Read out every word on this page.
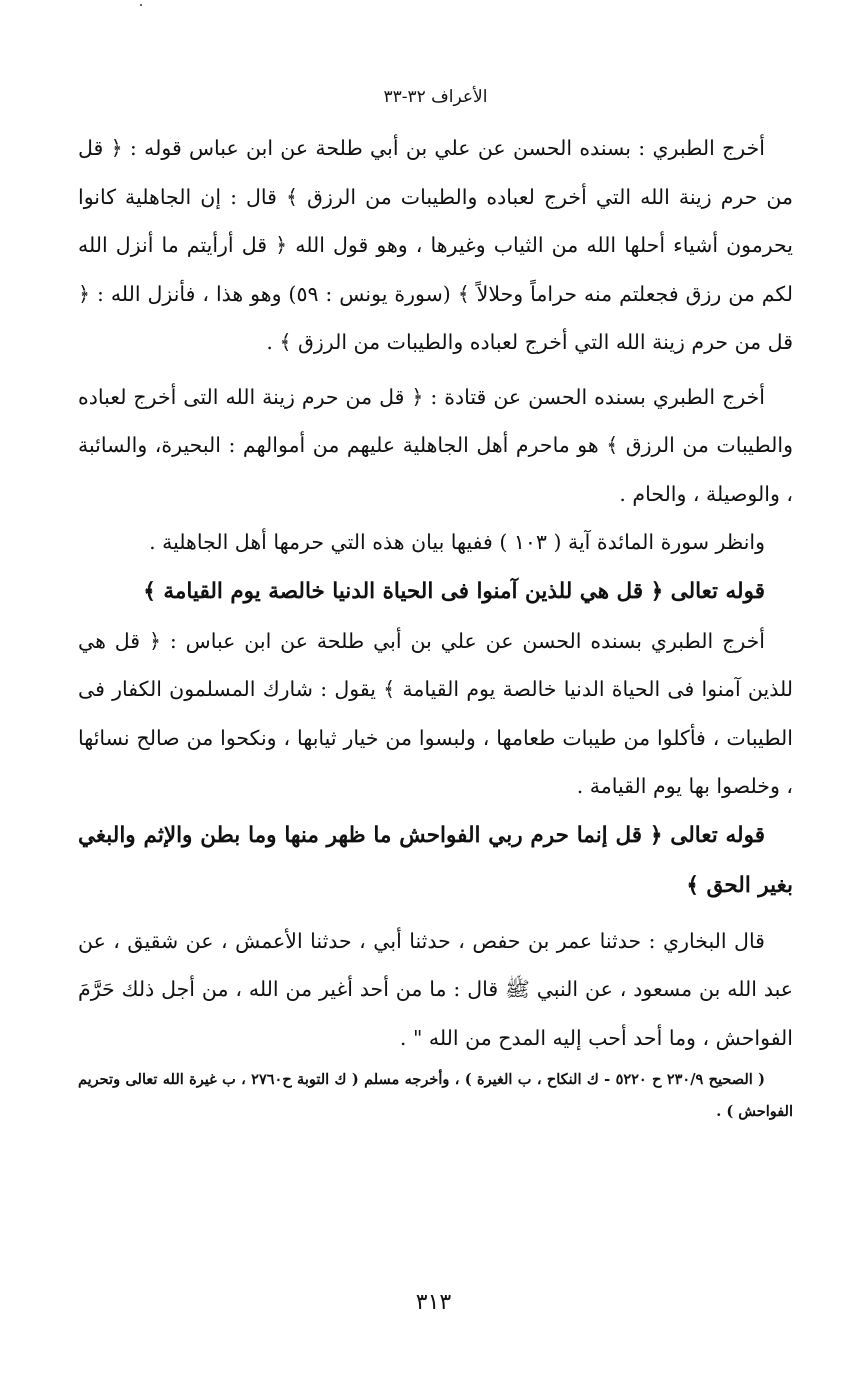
الأعراف ٣٢-٣٣

أخرج الطبري : بسنده الحسن عن علي بن أبي طلحة عن ابن عباس قوله : ﴿ قل من حرم زينة الله التي أخرج لعباده والطيبات من الرزق ﴾ قال : إن الجاهلية كانوا يحرمون أشياء أحلها الله من الثياب وغيرها ، وهو قول الله ﴿ قل أرأيتم ما أنزل الله لكم من رزق فجعلتم منه حراماً وحلالاً ﴾ (سورة يونس : ٥٩) وهو هذا ، فأنزل الله : ﴿ قل من حرم زينة الله التي أخرج لعباده والطيبات من الرزق ﴾ .

أخرج الطبري بسنده الحسن عن قتادة : ﴿ قل من حرم زينة الله التى أخرج لعباده والطيبات من الرزق ﴾ هو ماحرم أهل الجاهلية عليهم من أموالهم : البحيرة، والسائبة ، والوصيلة ، والحام .

وانظر سورة المائدة آية ( ١٠٣ ) ففيها بيان هذه التي حرمها أهل الجاهلية .

قوله تعالى ﴿ قل هي للذين آمنوا فى الحياة الدنيا خالصة يوم القيامة ﴾

أخرج الطبري بسنده الحسن عن علي بن أبي طلحة عن ابن عباس : ﴿ قل هي للذين آمنوا فى الحياة الدنيا خالصة يوم القيامة ﴾ يقول : شارك المسلمون الكفار فى الطيبات ، فأكلوا من طيبات طعامها ، ولبسوا من خيار ثيابها ، ونكحوا من صالح نسائها ، وخلصوا بها يوم القيامة .

قوله تعالى ﴿ قل إنما حرم ربي الفواحش ما ظهر منها وما بطن والإثم والبغي بغير الحق ﴾

قال البخاري : حدثنا عمر بن حفص ، حدثنا أبي ، حدثنا الأعمش ، عن شقيق ، عن عبد الله بن مسعود ، عن النبي ﷺ قال : ما من أحد أغير من الله ، من أجل ذلك حَرَّمَ الفواحش ، وما أحد أحب إليه المدح من الله " .

( الصحيح ٢٣٠/٩ ح ٥٢٢٠ - ك النكاح ، ب الغيرة ) ، وأخرجه مسلم ( ك التوبة ح٢٧٦٠ ، ب غيرة الله تعالى وتحريم الفواحش ) .

٣١٣
